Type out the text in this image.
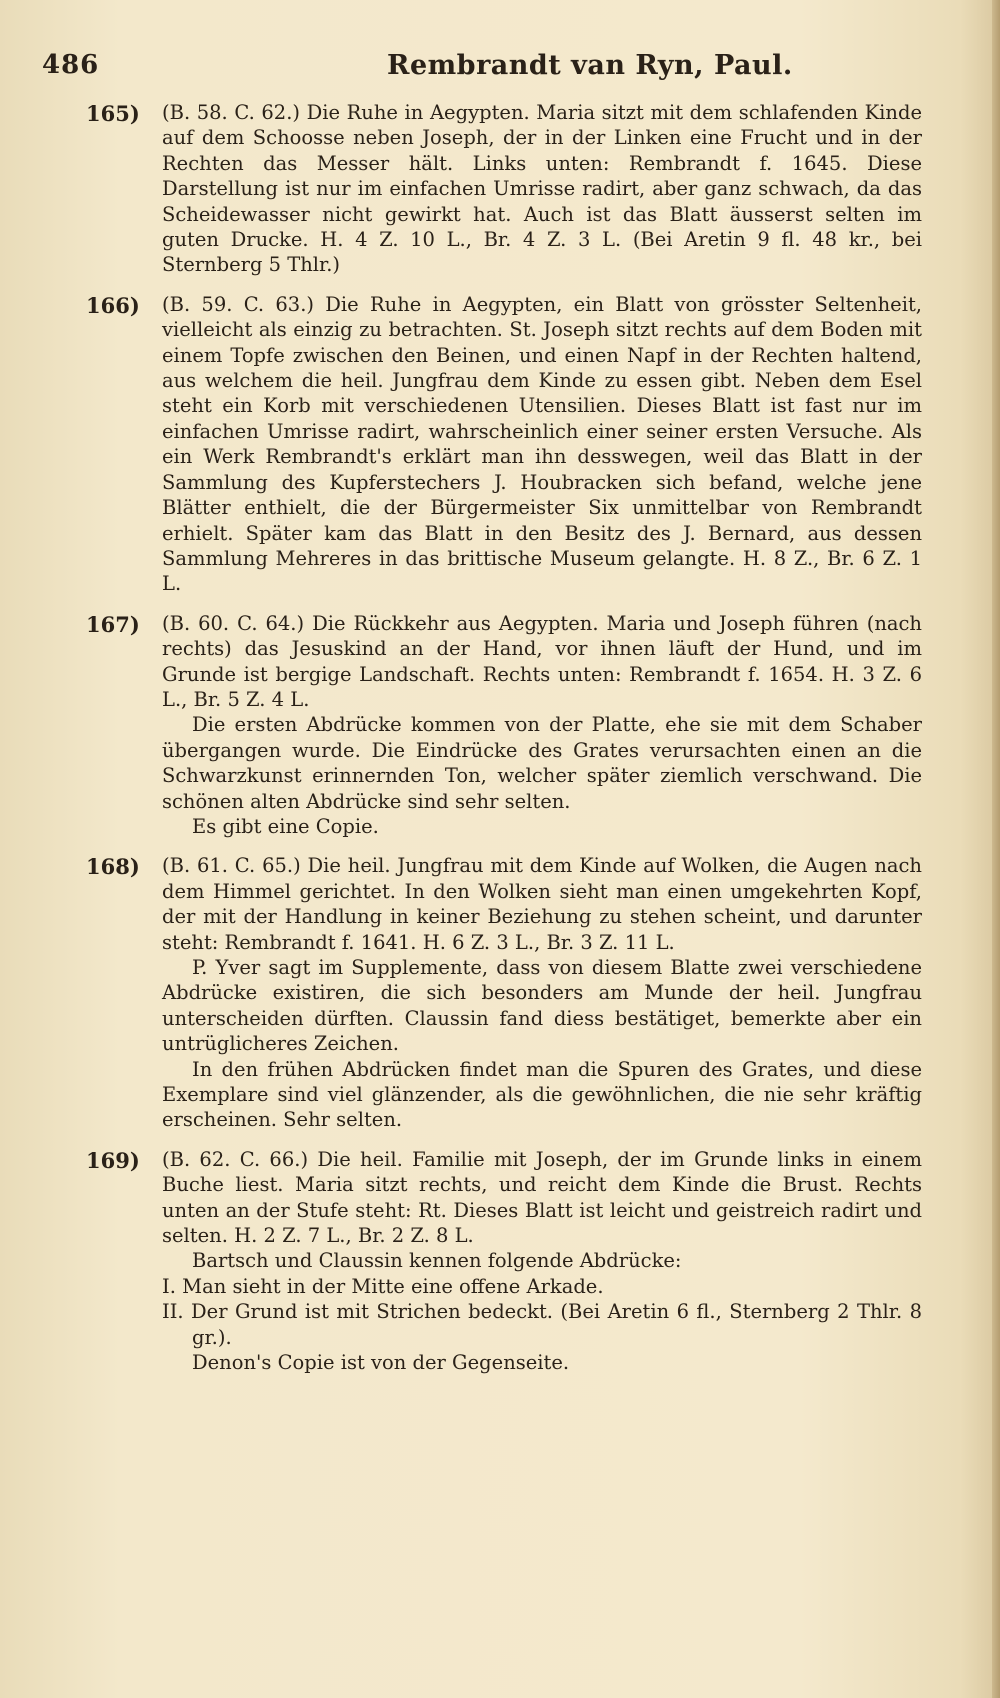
486	Rembrandt van Ryn, Paul.
165) (B. 58. C. 62.) Die Ruhe in Aegypten. Maria sitzt mit dem schlafenden Kinde auf dem Schoosse neben Joseph, der in der Linken eine Frucht und in der Rechten das Messer hält. Links unten: Rembrandt f. 1645. Diese Darstellung ist nur im einfachen Umrisse radirt, aber ganz schwach, da das Scheidewasser nicht gewirkt hat. Auch ist das Blatt äusserst selten im guten Drucke. H. 4 Z. 10 L., Br. 4 Z. 3 L. (Bei Aretin 9 fl. 48 kr., bei Sternberg 5 Thlr.)

166) (B. 59. C. 63.) Die Ruhe in Aegypten, ein Blatt von grösster Seltenheit, vielleicht als einzig zu betrachten. St. Joseph sitzt rechts auf dem Boden mit einem Topfe zwischen den Beinen, und einen Napf in der Rechten haltend, aus welchem die heil. Jungfrau dem Kinde zu essen gibt. Neben dem Esel steht ein Korb mit verschiedenen Utensilien. Dieses Blatt ist fast nur im einfachen Umrisse radirt, wahrscheinlich einer seiner ersten Versuche. Als ein Werk Rembrandt's erklärt man ihn desswegen, weil das Blatt in der Sammlung des Kupferstechers J. Houbracken sich befand, welche jene Blätter enthielt, die der Bürgermeister Six unmittelbar von Rembrandt erhielt. Später kam das Blatt in den Besitz des J. Bernard, aus dessen Sammlung Mehreres in das brittische Museum gelangte. H. 8 Z., Br. 6 Z. 1 L.

167) (B. 60. C. 64.) Die Rückkehr aus Aegypten. Maria und Joseph führen (nach rechts) das Jesuskind an der Hand, vor ihnen läuft der Hund, und im Grunde ist bergige Landschaft. Rechts unten: Rembrandt f. 1654. H. 3 Z. 6 L., Br. 5 Z. 4 L.

Die ersten Abdrücke kommen von der Platte, ehe sie mit dem Schaber übergangen wurde. Die Eindrücke des Grates verursachten einen an die Schwarzkunst erinnernden Ton, welcher später ziemlich verschwand. Die schönen alten Abdrücke sind sehr selten.

Es gibt eine Copie.

168) (B. 61. C. 65.) Die heil. Jungfrau mit dem Kinde auf Wolken, die Augen nach dem Himmel gerichtet. In den Wolken sieht man einen umgekehrten Kopf, der mit der Handlung in keiner Beziehung zu stehen scheint, und darunter steht: Rembrandt f. 1641. H. 6 Z. 3 L., Br. 3 Z. 11 L.

P. Yver sagt im Supplemente, dass von diesem Blatte zwei verschiedene Abdrücke existiren, die sich besonders am Munde der heil. Jungfrau unterscheiden dürften. Claussin fand diess bestätiget, bemerkte aber ein untrüglicheres Zeichen.

In den frühen Abdrücken findet man die Spuren des Grates, und diese Exemplare sind viel glänzender, als die gewöhnlichen, die nie sehr kräftig erscheinen. Sehr selten.

169) (B. 62. C. 66.) Die heil. Familie mit Joseph, der im Grunde links in einem Buche liest. Maria sitzt rechts, und reicht dem Kinde die Brust. Rechts unten an der Stufe steht: Rt. Dieses Blatt ist leicht und geistreich radirt und selten. H. 2 Z. 7 L., Br. 2 Z. 8 L.

Bartsch und Claussin kennen folgende Abdrücke:

I. Man sieht in der Mitte eine offene Arkade.

II. Der Grund ist mit Strichen bedeckt. (Bei Aretin 6 fl., Sternberg 2 Thlr. 8 gr.).

Denon's Copie ist von der Gegenseite.
